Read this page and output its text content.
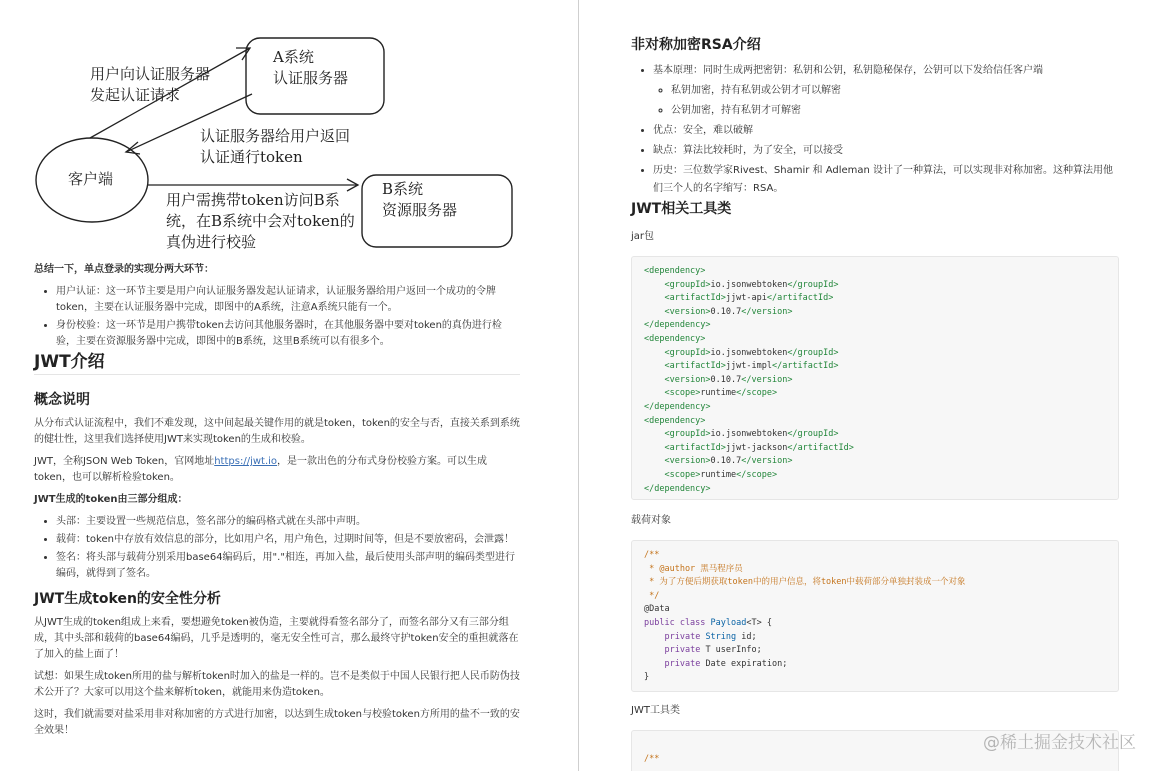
A系统
认证服务器
客户端
用户向认证服务器
发起认证请求
认证服务器给用户返回
认证通行token
用户需携带token访问B系
统，在B系统中会对token的
真伪进行校验
B系统
资源服务器

总结一下，单点登录的实现分两大环节：

• 用户认证：这一环节主要是用户向认证服务器发起认证请求，认证服务器给用户返回一个成功的令牌token，主要在认证服务器中完成，即图中的A系统，注意A系统只能有一个。
• 身份校验：这一环节是用户携带token去访问其他服务器时，在其他服务器中要对token的真伪进行检验，主要在资源服务器中完成，即图中的B系统，这里B系统可以有很多个。
JWT介绍
概念说明

从分布式认证流程中，我们不难发现，这中间起最关键作用的就是token，token的安全与否，直接关系到系统的健壮性，这里我们选择使用JWT来实现token的生成和校验。

JWT，全称JSON Web Token，官网地址https://jwt.io，是一款出色的分布式身份校验方案。可以生成token，也可以解析检验token。

JWT生成的token由三部分组成：

• 头部：主要设置一些规范信息，签名部分的编码格式就在头部中声明。
• 载荷：token中存放有效信息的部分，比如用户名，用户角色，过期时间等，但是不要放密码，会泄露！
• 签名：将头部与载荷分别采用base64编码后，用"."相连，再加入盐，最后使用头部声明的编码类型进行编码，就得到了签名。
JWT生成token的安全性分析

从JWT生成的token组成上来看，要想避免token被伪造，主要就得看签名部分了，而签名部分又有三部分组成，其中头部和载荷的base64编码，几乎是透明的，毫无安全性可言，那么最终守护token安全的重担就落在了加入的盐上面了！

试想：如果生成token所用的盐与解析token时加入的盐是一样的。岂不是类似于中国人民银行把人民币防伪技术公开了？大家可以用这个盐来解析token，就能用来伪造token。

这时，我们就需要对盐采用非对称加密的方式进行加密，以达到生成token与校验token方所用的盐不一致的安全效果！

非对称加密RSA介绍
• 基本原理：同时生成两把密钥：私钥和公钥，私钥隐秘保存，公钥可以下发给信任客户端
◦ 私钥加密，持有私钥或公钥才可以解密
◦ 公钥加密，持有私钥才可解密
• 优点：安全，难以破解
• 缺点：算法比较耗时，为了安全，可以接受
• 历史：三位数学家Rivest、Shamir 和 Adleman 设计了一种算法，可以实现非对称加密。这种算法用他们三个人的名字缩写：RSA。
JWT相关工具类
jar包
<dependency>
<groupId>io.jsonwebtoken</groupId>
<artifactId>jjwt-api</artifactId>
<version>0.10.7</version>
</dependency>
<dependency>
<groupId>io.jsonwebtoken</groupId>
<artifactId>jjwt-impl</artifactId>
<version>0.10.7</version>
<scope>runtime</scope>
</dependency>
<dependency>
<groupId>io.jsonwebtoken</groupId>
<artifactId>jjwt-jackson</artifactId>
<version>0.10.7</version>
<scope>runtime</scope>
</dependency>
载荷对象
/**
* @author 黑马程序员
* 为了方便后期获取token中的用户信息，将token中载荷部分单独封装成一个对象
*/
@Data
public class Payload<T> {
private String id;
private T userInfo;
private Date expiration;
}
JWT工具类

/**
@稀土掘金技术社区
